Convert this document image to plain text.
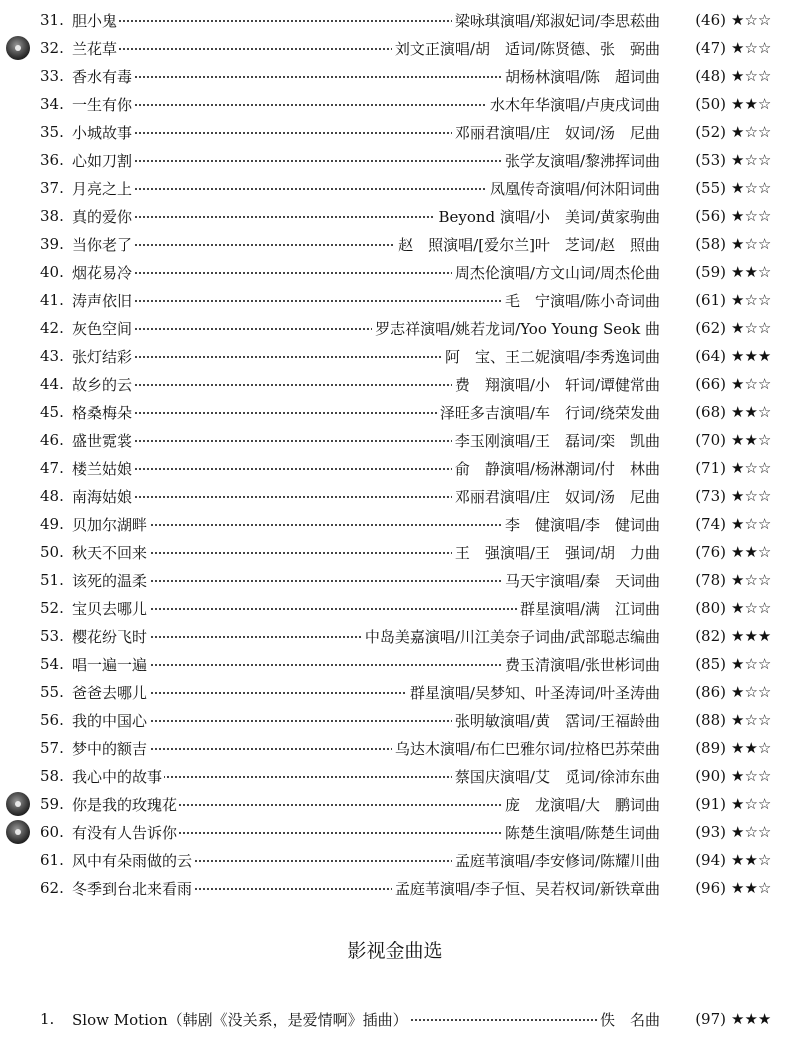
31. 胆小鬼	梁咏琪演唱/郑淑妃词/李思菘曲	(46) ★☆☆
32. 兰花草	刘文正演唱/胡　适词/陈贤德、张　弼曲	(47) ★☆☆
33. 香水有毒	胡杨林演唱/陈　超词曲	(48) ★☆☆
34. 一生有你	水木年华演唱/卢庚戌词曲	(50) ★★☆
35. 小城故事	邓丽君演唱/庄　奴词/汤　尼曲	(52) ★☆☆
36. 心如刀割	张学友演唱/黎沸挥词曲	(53) ★☆☆
37. 月亮之上	凤凰传奇演唱/何沐阳词曲	(55) ★☆☆
38. 真的爱你	Beyond 演唱/小　美词/黄家驹曲	(56) ★☆☆
39. 当你老了	赵　照演唱/[爱尔兰]叶　芝词/赵　照曲	(58) ★☆☆
40. 烟花易冷	周杰伦演唱/方文山词/周杰伦曲	(59) ★★☆
41. 涛声依旧	毛　宁演唱/陈小奇词曲	(61) ★☆☆
42. 灰色空间	罗志祥演唱/姚若龙词/Yoo Young Seok 曲	(62) ★☆☆
43. 张灯结彩	阿　宝、王二妮演唱/李秀逸词曲	(64) ★★★
44. 故乡的云	费　翔演唱/小　轩词/谭健常曲	(66) ★☆☆
45. 格桑梅朵	泽旺多吉演唱/车　行词/绕荣发曲	(68) ★★☆
46. 盛世霓裳	李玉刚演唱/王　磊词/栾　凯曲	(70) ★★☆
47. 楼兰姑娘	俞　静演唱/杨淋潮词/付　林曲	(71) ★☆☆
48. 南海姑娘	邓丽君演唱/庄　奴词/汤　尼曲	(73) ★☆☆
49. 贝加尔湖畔	李　健演唱/李　健词曲	(74) ★☆☆
50. 秋天不回来	王　强演唱/王　强词/胡　力曲	(76) ★★☆
51. 该死的温柔	马天宇演唱/秦　天词曲	(78) ★☆☆
52. 宝贝去哪儿	群星演唱/满　江词曲	(80) ★☆☆
53. 樱花纷飞时	中岛美嘉演唱/川江美奈子词曲/武部聪志编曲	(82) ★★★
54. 唱一遍一遍	费玉清演唱/张世彬词曲	(85) ★☆☆
55. 爸爸去哪儿	群星演唱/吴梦知、叶圣涛词/叶圣涛曲	(86) ★☆☆
56. 我的中国心	张明敏演唱/黄　霑词/王福龄曲	(88) ★☆☆
57. 梦中的额吉	乌达木演唱/布仁巴雅尔词/拉格巴苏荣曲	(89) ★★☆
58. 我心中的故事	蔡国庆演唱/艾　觅词/徐沛东曲	(90) ★☆☆
59. 你是我的玫瑰花	庞　龙演唱/大　鹏词曲	(91) ★☆☆
60. 有没有人告诉你	陈楚生演唱/陈楚生词曲	(93) ★☆☆
61. 风中有朵雨做的云	孟庭苇演唱/李安修词/陈耀川曲	(94) ★★☆
62. 冬季到台北来看雨	孟庭苇演唱/李子恒、吴若权词/新铁章曲	(96) ★★☆
影视金曲选
1.	Slow Motion（韩剧《没关系，是爱情啊》插曲）	佚　名曲	(97) ★★★
